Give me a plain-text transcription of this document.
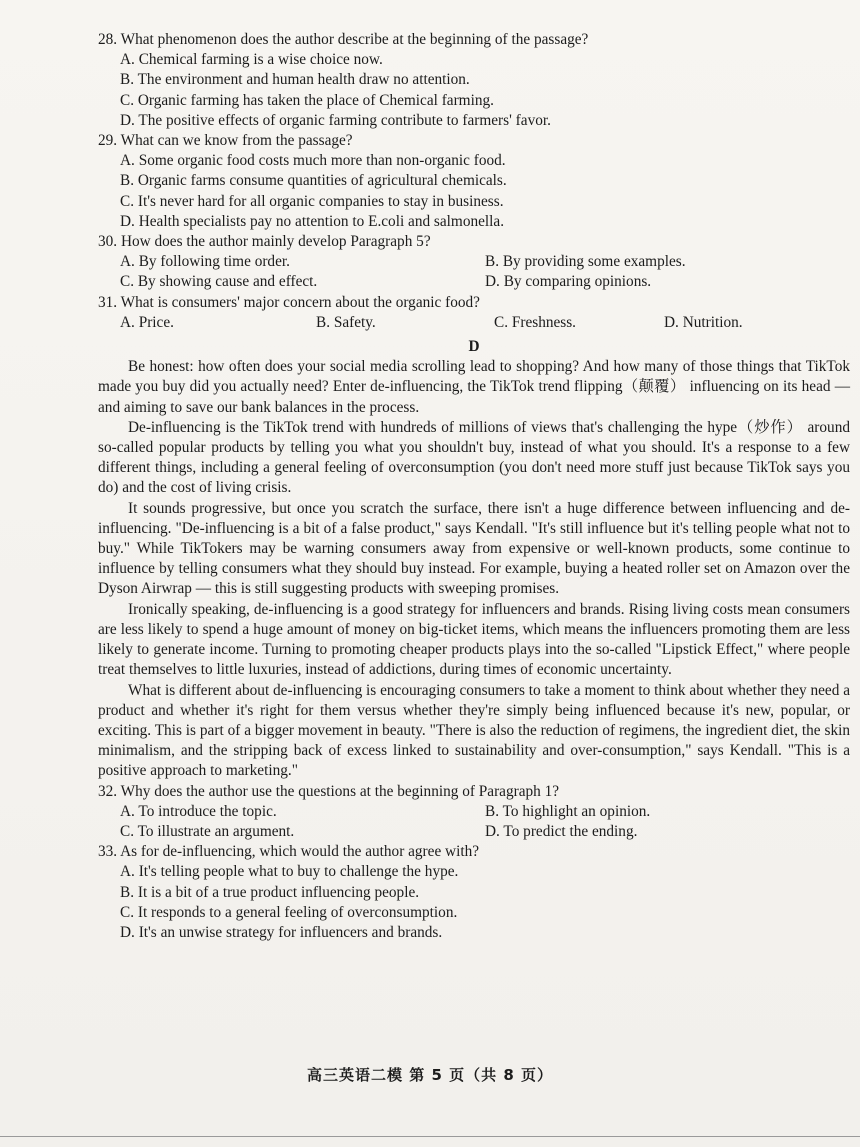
28. What phenomenon does the author describe at the beginning of the passage?
A. Chemical farming is a wise choice now.
B. The environment and human health draw no attention.
C. Organic farming has taken the place of Chemical farming.
D. The positive effects of organic farming contribute to farmers' favor.
29. What can we know from the passage?
A. Some organic food costs much more than non-organic food.
B. Organic farms consume quantities of agricultural chemicals.
C. It's never hard for all organic companies to stay in business.
D. Health specialists pay no attention to E.coli and salmonella.
30. How does the author mainly develop Paragraph 5?
A. By following time order.	B. By providing some examples.
C. By showing cause and effect.	D. By comparing opinions.
31. What is consumers' major concern about the organic food?
A. Price.	B. Safety.	C. Freshness.	D. Nutrition.
D

Be honest: how often does your social media scrolling lead to shopping? And how many of those things that TikTok made you buy did you actually need? Enter de-influencing, the TikTok trend flipping（颠覆） influencing on its head — and aiming to save our bank balances in the process.

De-influencing is the TikTok trend with hundreds of millions of views that's challenging the hype（炒作） around so-called popular products by telling you what you shouldn't buy, instead of what you should. It's a response to a few different things, including a general feeling of overconsumption (you don't need more stuff just because TikTok says you do) and the cost of living crisis.

It sounds progressive, but once you scratch the surface, there isn't a huge difference between influencing and de-influencing. "De-influencing is a bit of a false product," says Kendall. "It's still influence but it's telling people what not to buy." While TikTokers may be warning consumers away from expensive or well-known products, some continue to influence by telling consumers what they should buy instead. For example, buying a heated roller set on Amazon over the Dyson Airwrap — this is still suggesting products with sweeping promises.

Ironically speaking, de-influencing is a good strategy for influencers and brands. Rising living costs mean consumers are less likely to spend a huge amount of money on big-ticket items, which means the influencers promoting them are less likely to generate income. Turning to promoting cheaper products plays into the so-called "Lipstick Effect," where people treat themselves to little luxuries, instead of addictions, during times of economic uncertainty.

What is different about de-influencing is encouraging consumers to take a moment to think about whether they need a product and whether it's right for them versus whether they're simply being influenced because it's new, popular, or exciting. This is part of a bigger movement in beauty. "There is also the reduction of regimens, the ingredient diet, the skin minimalism, and the stripping back of excess linked to sustainability and over-consumption," says Kendall. "This is a positive approach to marketing."

32. Why does the author use the questions at the beginning of Paragraph 1?
A. To introduce the topic.	B. To highlight an opinion.
C. To illustrate an argument.	D. To predict the ending.
33. As for de-influencing, which would the author agree with?
A. It's telling people what to buy to challenge the hype.
B. It is a bit of a true product influencing people.
C. It responds to a general feeling of overconsumption.
D. It's an unwise strategy for influencers and brands.
高三英语二模 第 5 页（共 8 页）
